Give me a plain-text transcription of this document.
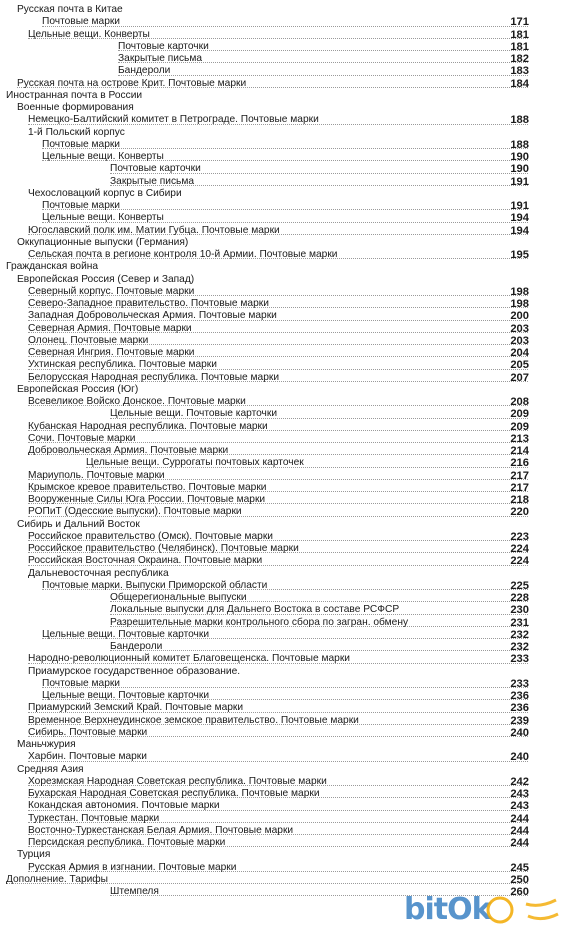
Русская почта в Китае
Почтовые марки	171
Цельные вещи. Конверты	181
Почтовые карточки	181
Закрытые письма	182
Бандероли	183
Русская почта на острове Крит. Почтовые марки	184
Иностранная почта в России
Военные формирования
Немецко-Балтийский комитет в Петрограде. Почтовые марки	188
1-й Польский корпус
Почтовые марки	188
Цельные вещи. Конверты	190
Почтовые карточки	190
Закрытые письма	191
Чехословацкий корпус в Сибири
Почтовые марки	191
Цельные вещи. Конверты	194
Югославский полк им. Матии Губца. Почтовые марки	194
Оккупационные выпуски (Германия)
Сельская почта в регионе контроля 10-й Армии. Почтовые марки	195
Гражданская война
Европейская Россия (Север и Запад)
Северный корпус. Почтовые марки	198
Северо-Западное правительство. Почтовые марки	198
Западная Добровольческая Армия. Почтовые марки	200
Северная Армия. Почтовые марки	203
Олонец. Почтовые марки	203
Северная Ингрия. Почтовые марки	204
Ухтинская республика. Почтовые марки	205
Белорусская Народная республика. Почтовые марки	207
Европейская Россия (Юг)
Всевеликое Войско Донское. Почтовые марки	208
Цельные вещи. Почтовые карточки	209
Кубанская Народная республика. Почтовые марки	209
Сочи. Почтовые марки	213
Добровольческая Армия. Почтовые марки	214
Цельные вещи. Суррогаты почтовых карточек	216
Мариуполь. Почтовые марки	217
Крымское кревое правительство. Почтовые марки	217
Вооруженные Силы Юга России. Почтовые марки	218
РОПиТ (Одесские выпуски). Почтовые марки	220
Сибирь и Дальний Восток
Российское правительство (Омск). Почтовые марки	223
Российское правительство (Челябинск). Почтовые марки	224
Российская Восточная Окраина. Почтовые марки	224
Дальневосточная республика
Почтовые марки. Выпуски Приморской области	225
Общерегиональные выпуски	228
Локальные выпуски для Дальнего Востока в составе РСФСР	230
Разрешительные марки контрольного сбора по загран. обмену	231
Цельные вещи. Почтовые карточки	232
Бандероли	232
Народно-революционный комитет Благовещенска. Почтовые марки	233
Приамурское государственное образование.
Почтовые марки	233
Цельные вещи. Почтовые карточки	236
Приамурский Земский Край. Почтовые марки	236
Временное Верхнеудинское земское правительство. Почтовые марки	239
Сибирь. Почтовые марки	240
Маньчжурия
Харбин. Почтовые марки	240
Средняя Азия
Хорезмская Народная Советская республика. Почтовые марки	242
Бухарская Народная Советская республика. Почтовые марки	243
Кокандская автономия. Почтовые марки	243
Туркестан. Почтовые марки	244
Восточно-Туркестанская Белая Армия. Почтовые марки	244
Персидская республика. Почтовые марки	244
Турция
Русская Армия в изгнании. Почтовые марки	245
Дополнение. Тарифы	250
Штемпеля	260
bitOk
